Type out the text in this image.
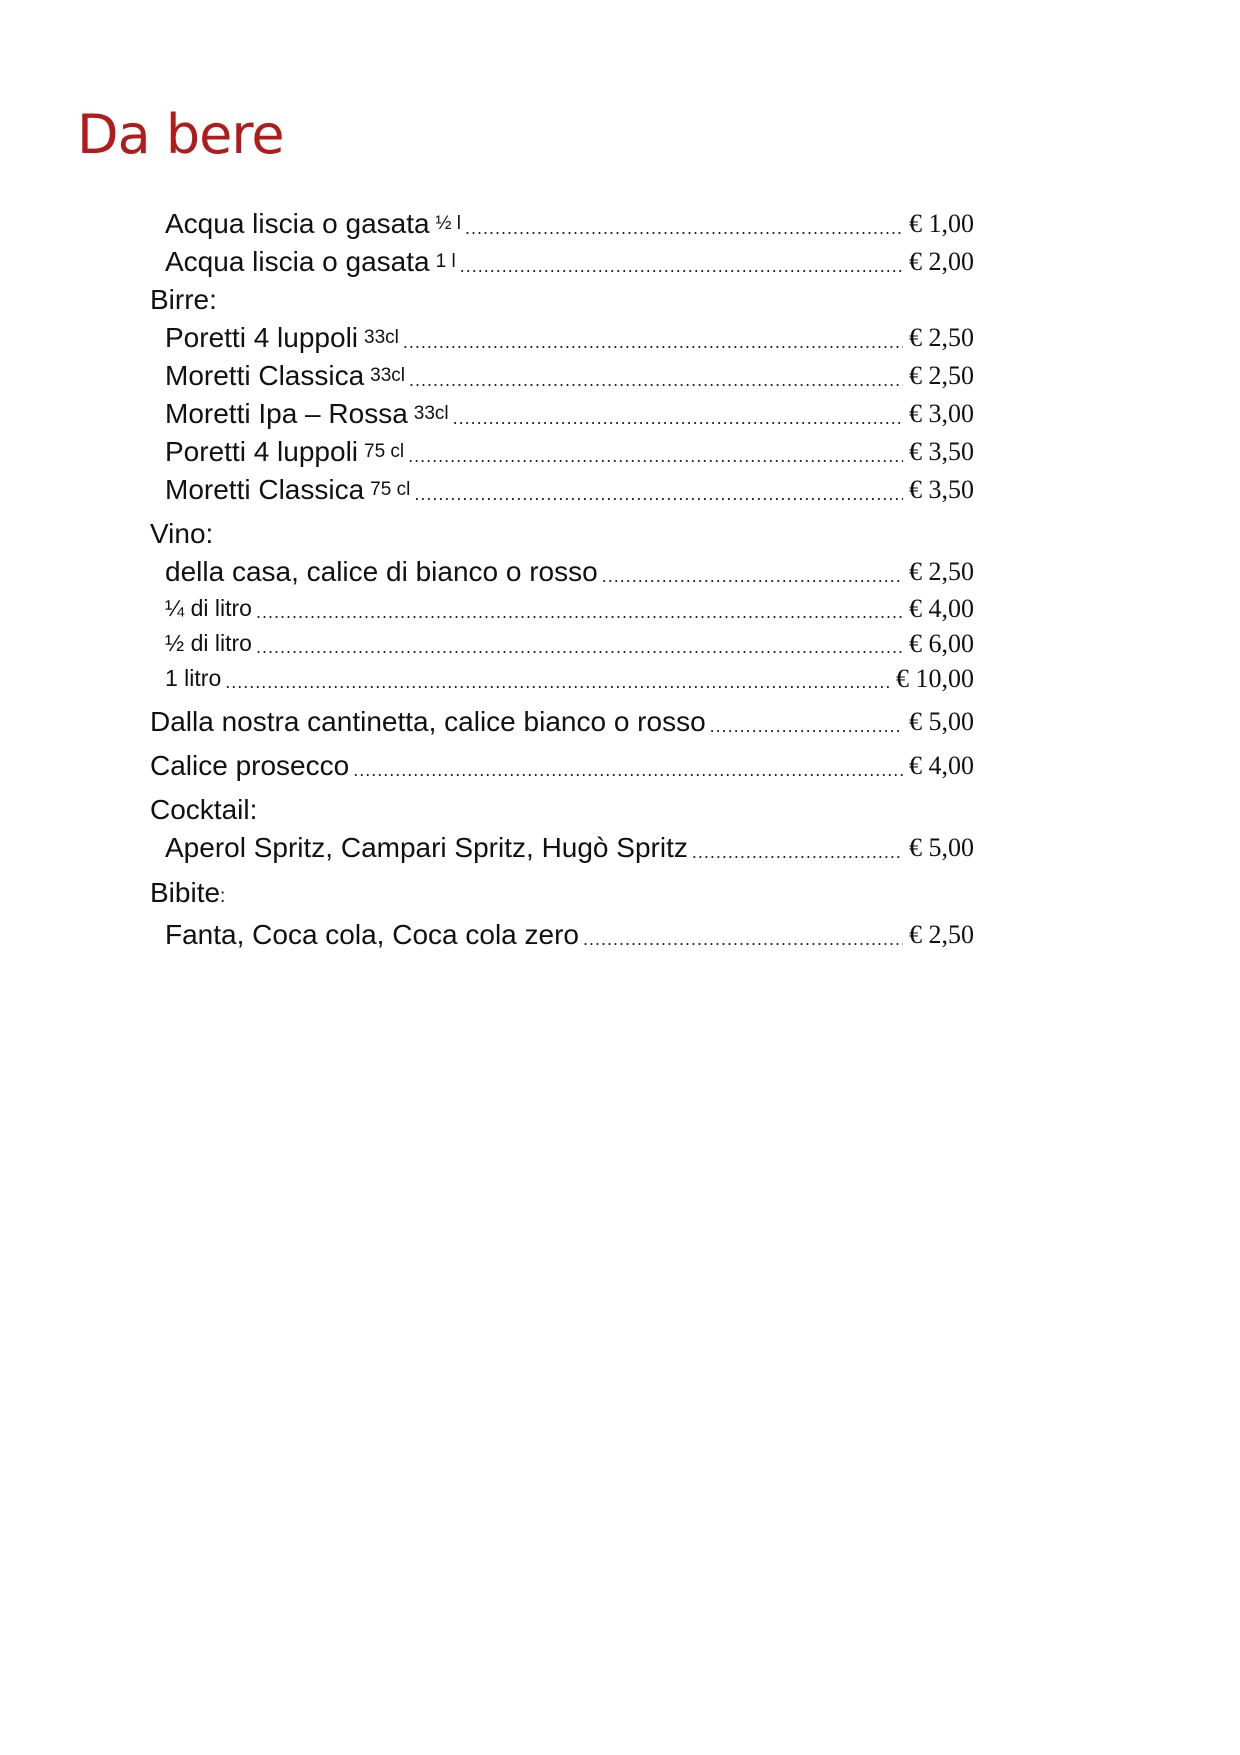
Da bere
Acqua liscia o gasata ½ l .....	€ 1,00
Acqua liscia o gasata 1 l .....	€ 2,00
Birre:
Poretti 4 luppoli 33cl .....	€ 2,50
Moretti Classica 33cl .....	€ 2,50
Moretti Ipa – Rossa 33cl .....	€ 3,00
Poretti 4 luppoli 75 cl .....	€ 3,50
Moretti Classica 75 cl .....	€ 3,50
Vino:
della casa, calice di bianco o rosso .....	€ 2,50
¼ di litro .....	€ 4,00
½ di litro .....	€ 6,00
1 litro .....	€ 10,00
Dalla nostra cantinetta, calice bianco o rosso .....	€ 5,00
Calice prosecco .....	€ 4,00
Cocktail:
Aperol Spritz, Campari Spritz, Hugò Spritz .....	€ 5,00
Bibite:
Fanta, Coca cola, Coca cola zero .....	€ 2,50
